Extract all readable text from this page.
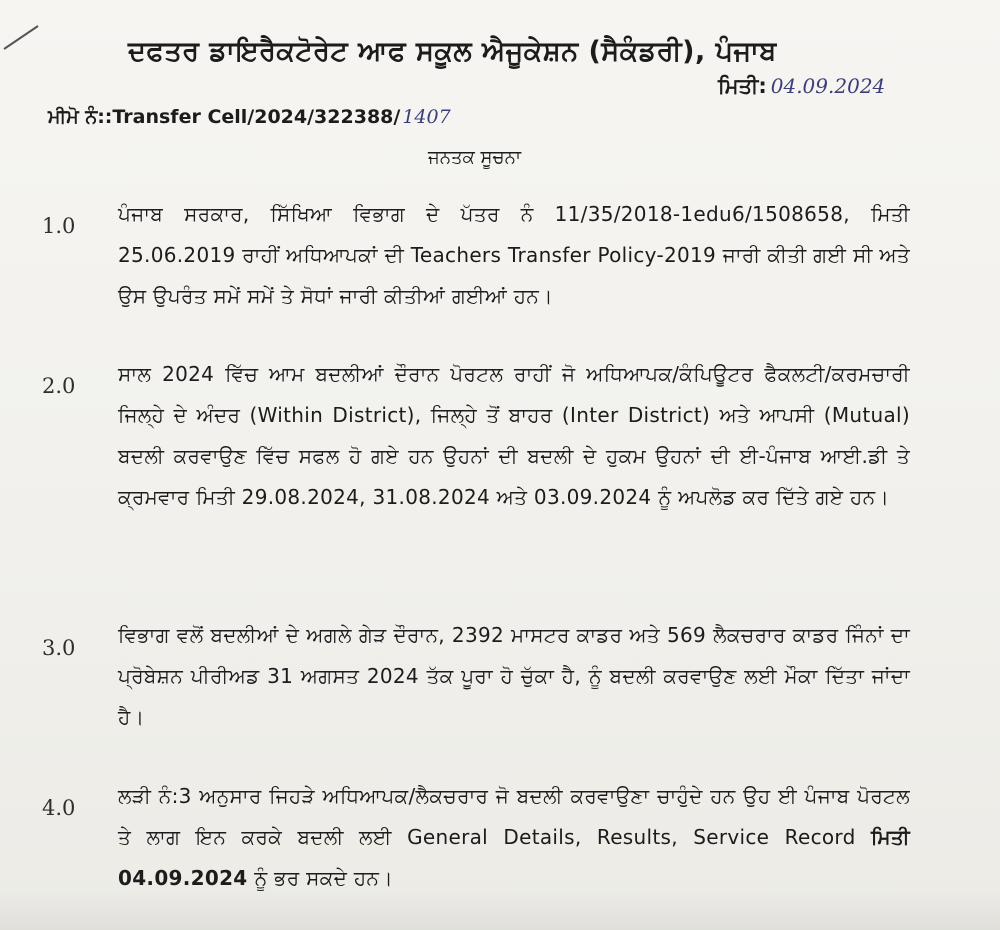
ਦਫਤਰ ਡਾਇਰੈਕਟੋਰੇਟ ਆਫ ਸਕੂਲ ਐਜੂਕੇਸ਼ਨ (ਸੈਕੰਡਰੀ), ਪੰਜਾਬ
ਮਿਤੀ: 04.09.2024
ਮੀਮੋ ਨੰ::Transfer Cell/2024/322388/ 1407
ਜਨਤਕ ਸੂਚਨਾ
1.0	ਪੰਜਾਬ ਸਰਕਾਰ, ਸਿੱਖਿਆ ਵਿਭਾਗ ਦੇ ਪੱਤਰ ਨੰ 11/35/2018-1edu6/1508658, ਮਿਤੀ 25.06.2019 ਰਾਹੀਂ ਅਧਿਆਪਕਾਂ ਦੀ Teachers Transfer Policy-2019 ਜਾਰੀ ਕੀਤੀ ਗਈ ਸੀ ਅਤੇ ਉਸ ਉਪਰੰਤ ਸਮੇਂ ਸਮੇਂ ਤੇ ਸੋਧਾਂ ਜਾਰੀ ਕੀਤੀਆਂ ਗਈਆਂ ਹਨ।
2.0	ਸਾਲ 2024 ਵਿੱਚ ਆਮ ਬਦਲੀਆਂ ਦੌਰਾਨ ਪੋਰਟਲ ਰਾਹੀਂ ਜੋ ਅਧਿਆਪਕ/ਕੰਪਿਊਟਰ ਫੈਕਲਟੀ/ਕਰਮਚਾਰੀ ਜਿਲ੍ਹੇ ਦੇ ਅੰਦਰ (Within District), ਜਿਲ੍ਹੇ ਤੋਂ ਬਾਹਰ (Inter District) ਅਤੇ ਆਪਸੀ (Mutual) ਬਦਲੀ ਕਰਵਾਉਣ ਵਿੱਚ ਸਫਲ ਹੋ ਗਏ ਹਨ ਉਹਨਾਂ ਦੀ ਬਦਲੀ ਦੇ ਹੁਕਮ ਉਹਨਾਂ ਦੀ ਈ-ਪੰਜਾਬ ਆਈ.ਡੀ ਤੇ ਕ੍ਰਮਵਾਰ ਮਿਤੀ 29.08.2024, 31.08.2024 ਅਤੇ 03.09.2024 ਨੂੰ ਅਪਲੋਡ ਕਰ ਦਿੱਤੇ ਗਏ ਹਨ।
3.0
ਵਿਭਾਗ ਵਲੋਂ ਬਦਲੀਆਂ ਦੇ ਅਗਲੇ ਗੇੜ ਦੌਰਾਨ, 2392 ਮਾਸਟਰ ਕਾਡਰ ਅਤੇ 569 ਲੈਕਚਰਾਰ ਕਾਡਰ ਜਿੰਨਾਂ ਦਾ ਪ੍ਰੋਬੇਸ਼ਨ ਪੀਰੀਅਡ 31 ਅਗਸਤ 2024 ਤੱਕ ਪੂਰਾ ਹੋ ਚੁੱਕਾ ਹੈ, ਨੂੰ ਬਦਲੀ ਕਰਵਾਉਣ ਲਈ ਮੌਕਾ ਦਿੱਤਾ ਜਾਂਦਾ ਹੈ।
4.0	ਲੜੀ ਨੰ:3 ਅਨੁਸਾਰ ਜਿਹੜੇ ਅਧਿਆਪਕ/ਲੈਕਚਰਾਰ ਜੋ ਬਦਲੀ ਕਰਵਾਉਣਾ ਚਾਹੁੰਦੇ ਹਨ ਉਹ ਈ ਪੰਜਾਬ ਪੋਰਟਲ ਤੇ ਲਾਗ ਇਨ ਕਰਕੇ ਬਦਲੀ ਲਈ General Details, Results, Service Record ਮਿਤੀ 04.09.2024 ਨੂੰ ਭਰ ਸਕਦੇ ਹਨ।
